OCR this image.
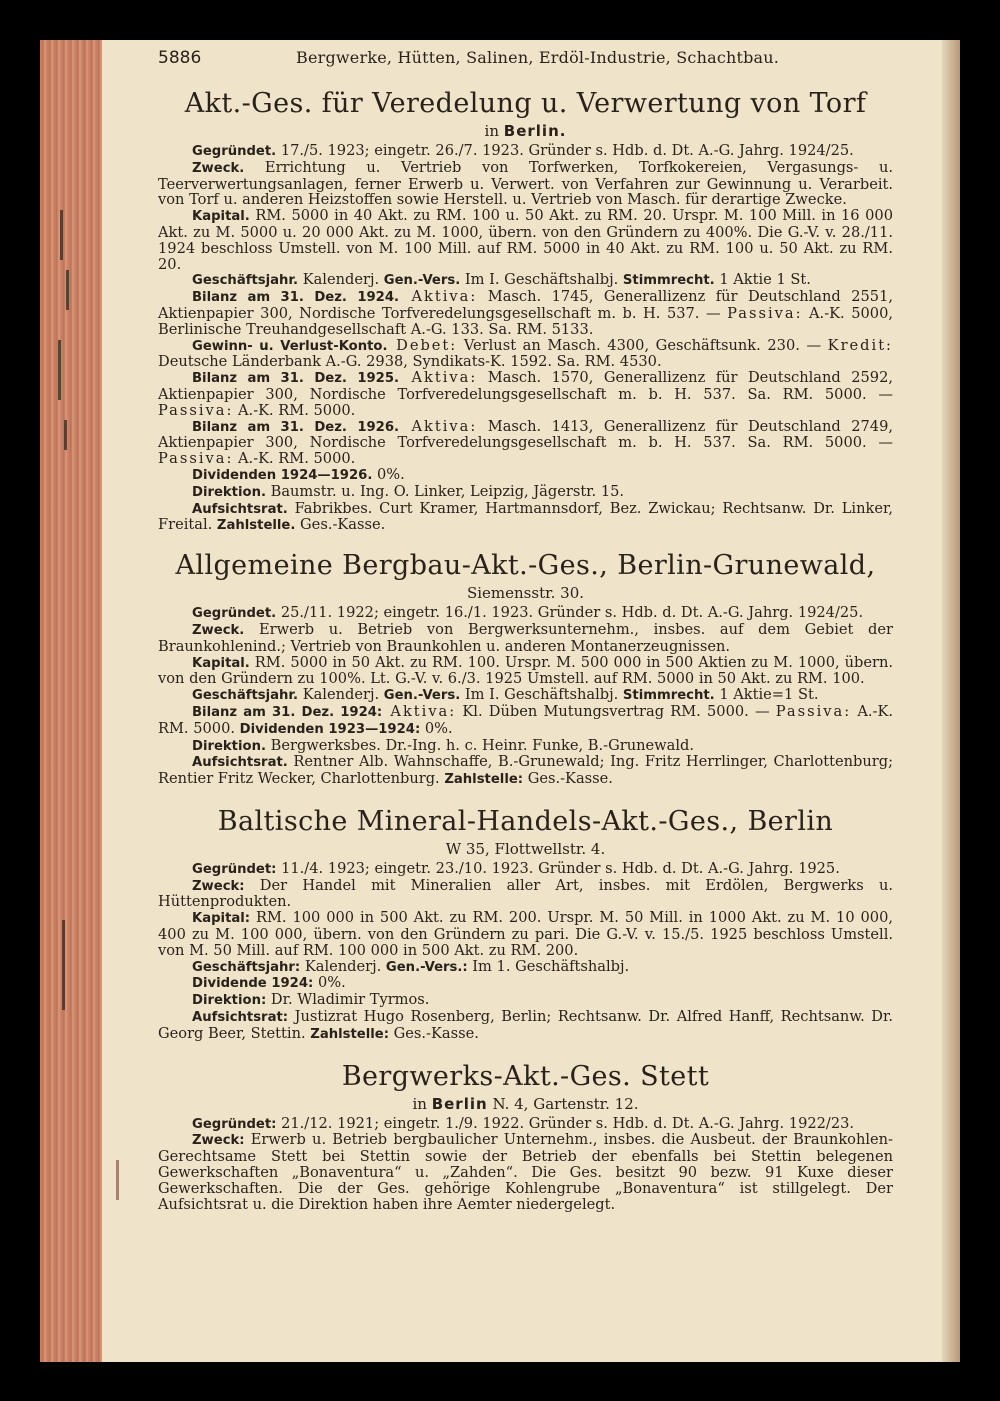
5886	Bergwerke, Hütten, Salinen, Erdöl-Industrie, Schachtbau.
Akt.-Ges. für Veredelung u. Verwertung von Torf
in Berlin.

Gegründet. 17./5. 1923; eingetr. 26./7. 1923. Gründer s. Hdb. d. Dt. A.-G. Jahrg. 1924/25.

Zweck. Errichtung u. Vertrieb von Torfwerken, Torfkokereien, Vergasungs- u. Teerverwertungsanlagen, ferner Erwerb u. Verwert. von Verfahren zur Gewinnung u. Verarbeit. von Torf u. anderen Heizstoffen sowie Herstell. u. Vertrieb von Masch. für derartige Zwecke.

Kapital. RM. 5000 in 40 Akt. zu RM. 100 u. 50 Akt. zu RM. 20. Urspr. M. 100 Mill. in 16 000 Akt. zu M. 5000 u. 20 000 Akt. zu M. 1000, übern. von den Gründern zu 400%. Die G.-V. v. 28./11. 1924 beschloss Umstell. von M. 100 Mill. auf RM. 5000 in 40 Akt. zu RM. 100 u. 50 Akt. zu RM. 20.

Geschäftsjahr. Kalenderj. Gen.-Vers. Im I. Geschäftshalbj. Stimmrecht. 1 Aktie 1 St.

Bilanz am 31. Dez. 1924. Aktiva: Masch. 1745, Generallizenz für Deutschland 2551, Aktienpapier 300, Nordische Torfveredelungsgesellschaft m. b. H. 537. — Passiva: A.-K. 5000, Berlinische Treuhandgesellschaft A.-G. 133. Sa. RM. 5133.

Gewinn- u. Verlust-Konto. Debet: Verlust an Masch. 4300, Geschäftsunk. 230. — Kredit: Deutsche Länderbank A.-G. 2938, Syndikats-K. 1592. Sa. RM. 4530.

Bilanz am 31. Dez. 1925. Aktiva: Masch. 1570, Generallizenz für Deutschland 2592, Aktienpapier 300, Nordische Torfveredelungsgesellschaft m. b. H. 537. Sa. RM. 5000. — Passiva: A.-K. RM. 5000.

Bilanz am 31. Dez. 1926. Aktiva: Masch. 1413, Generallizenz für Deutschland 2749, Aktienpapier 300, Nordische Torfveredelungsgesellschaft m. b. H. 537. Sa. RM. 5000. — Passiva: A.-K. RM. 5000.

Dividenden 1924—1926. 0%.

Direktion. Baumstr. u. Ing. O. Linker, Leipzig, Jägerstr. 15.

Aufsichtsrat. Fabrikbes. Curt Kramer, Hartmannsdorf, Bez. Zwickau; Rechtsanw. Dr. Linker, Freital. Zahlstelle. Ges.-Kasse.

Allgemeine Bergbau-Akt.-Ges., Berlin-Grunewald,
Siemensstr. 30.

Gegründet. 25./11. 1922; eingetr. 16./1. 1923. Gründer s. Hdb. d. Dt. A.-G. Jahrg. 1924/25.

Zweck. Erwerb u. Betrieb von Bergwerksunternehm., insbes. auf dem Gebiet der Braunkohlenind.; Vertrieb von Braunkohlen u. anderen Montanerzeugnissen.

Kapital. RM. 5000 in 50 Akt. zu RM. 100. Urspr. M. 500 000 in 500 Aktien zu M. 1000, übern. von den Gründern zu 100%. Lt. G.-V. v. 6./3. 1925 Umstell. auf RM. 5000 in 50 Akt. zu RM. 100.

Geschäftsjahr. Kalenderj. Gen.-Vers. Im I. Geschäftshalbj. Stimmrecht. 1 Aktie=1 St.

Bilanz am 31. Dez. 1924: Aktiva: Kl. Düben Mutungsvertrag RM. 5000. — Passiva: A.-K. RM. 5000. Dividenden 1923—1924: 0%.

Direktion. Bergwerksbes. Dr.-Ing. h. c. Heinr. Funke, B.-Grunewald.

Aufsichtsrat. Rentner Alb. Wahnschaffe, B.-Grunewald; Ing. Fritz Herrlinger, Charlottenburg; Rentier Fritz Wecker, Charlottenburg. Zahlstelle: Ges.-Kasse.

Baltische Mineral-Handels-Akt.-Ges., Berlin
W 35, Flottwellstr. 4.

Gegründet: 11./4. 1923; eingetr. 23./10. 1923. Gründer s. Hdb. d. Dt. A.-G. Jahrg. 1925.

Zweck: Der Handel mit Mineralien aller Art, insbes. mit Erdölen, Bergwerks u. Hüttenprodukten.

Kapital: RM. 100 000 in 500 Akt. zu RM. 200. Urspr. M. 50 Mill. in 1000 Akt. zu M. 10 000, 400 zu M. 100 000, übern. von den Gründern zu pari. Die G.-V. v. 15./5. 1925 beschloss Umstell. von M. 50 Mill. auf RM. 100 000 in 500 Akt. zu RM. 200.

Geschäftsjahr: Kalenderj. Gen.-Vers.: Im 1. Geschäftshalbj.

Dividende 1924: 0%.

Direktion: Dr. Wladimir Tyrmos.

Aufsichtsrat: Justizrat Hugo Rosenberg, Berlin; Rechtsanw. Dr. Alfred Hanff, Rechtsanw. Dr. Georg Beer, Stettin. Zahlstelle: Ges.-Kasse.

Bergwerks-Akt.-Ges. Stett
in Berlin N. 4, Gartenstr. 12.

Gegründet: 21./12. 1921; eingetr. 1./9. 1922. Gründer s. Hdb. d. Dt. A.-G. Jahrg. 1922/23.

Zweck: Erwerb u. Betrieb bergbaulicher Unternehm., insbes. die Ausbeut. der Braunkohlen-Gerechtsame Stett bei Stettin sowie der Betrieb der ebenfalls bei Stettin belegenen Gewerkschaften „Bonaventura“ u. „Zahden“. Die Ges. besitzt 90 bezw. 91 Kuxe dieser Gewerkschaften. Die der Ges. gehörige Kohlengrube „Bonaventura“ ist stillgelegt. Der Aufsichtsrat u. die Direktion haben ihre Aemter niedergelegt.
